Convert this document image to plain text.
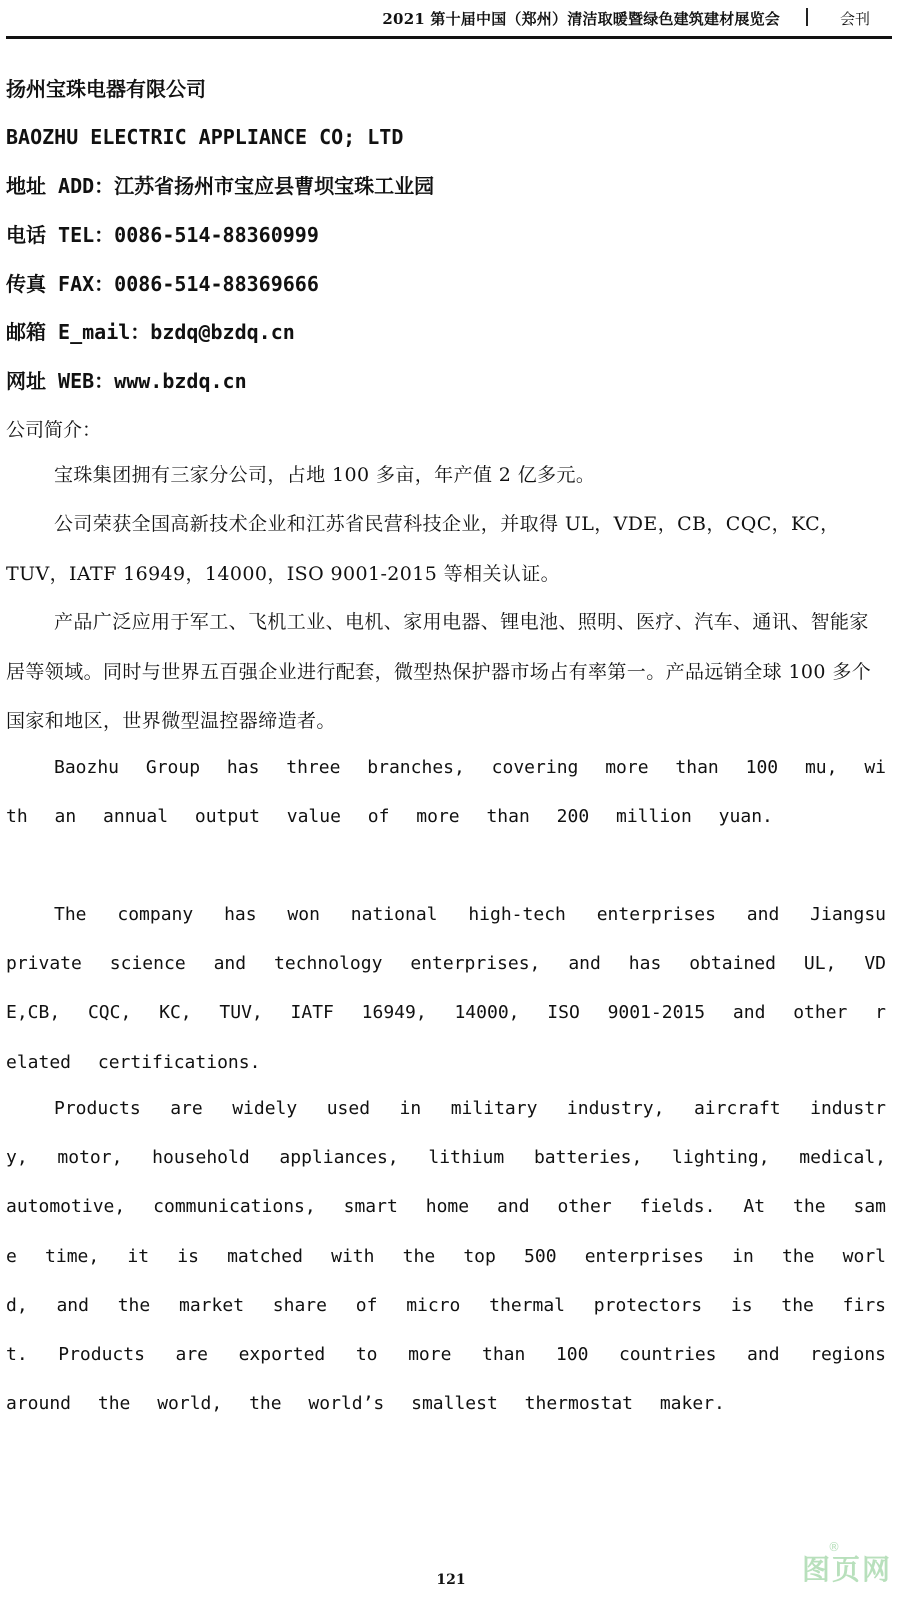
2021 第十届中国（郑州）清洁取暖暨绿色建筑建材展览会	会刊
扬州宝珠电器有限公司
BAOZHU ELECTRIC APPLIANCE CO; LTD
地址 ADD：江苏省扬州市宝应县曹坝宝珠工业园
电话 TEL：0086-514-88360999
传真 FAX：0086-514-88369666
邮箱 E_mail：bzdq@bzdq.cn
网址 WEB：www.bzdq.cn
公司简介：

宝珠集团拥有三家分公司，占地 100 多亩，年产值 2 亿多元。

公司荣获全国高新技术企业和江苏省民营科技企业，并取得 UL，VDE，CB，CQC，KC，TUV，IATF 16949，14000，ISO 9001-2015 等相关认证。

产品广泛应用于军工、飞机工业、电机、家用电器、锂电池、照明、医疗、汽车、通讯、智能家居等领域。同时与世界五百强企业进行配套，微型热保护器市场占有率第一。产品远销全球 100 多个国家和地区，世界微型温控器缔造者。

Baozhu Group has three branches, covering more than 100 mu, with an annual output value of more than 200 million yuan.

The company has won national high-tech enterprises and Jiangsu private science and technology enterprises, and has obtained UL, VDE,CB, CQC, KC, TUV, IATF 16949, 14000, ISO 9001-2015 and other related certifications.

Products are widely used in military industry, aircraft industry, motor, household appliances, lithium batteries, lighting, medical, automotive, communications, smart home and other fields. At the same time, it is matched with the top 500 enterprises in the world, and the market share of micro thermal protectors is the first. Products are exported to more than 100 countries and regions around the world, the world’s smallest thermostat maker.

121
®
图页网
